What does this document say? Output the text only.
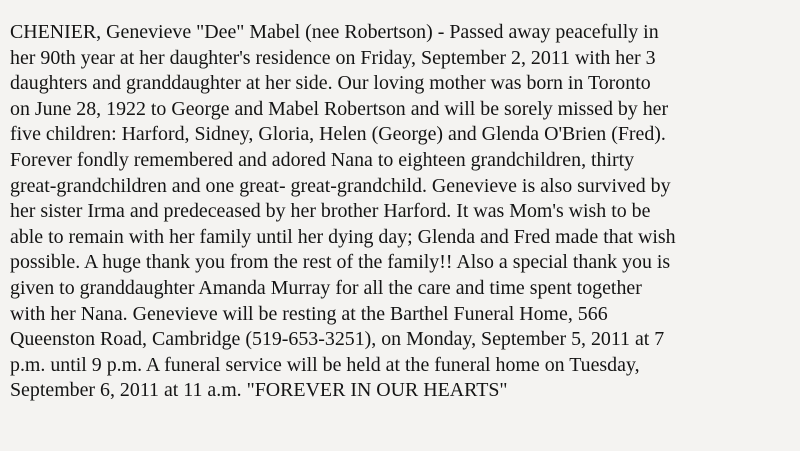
CHENIER, Genevieve "Dee" Mabel (nee Robertson) - Passed away peacefully in
her 90th year at her daughter's residence on Friday, September 2, 2011 with her 3
daughters and granddaughter at her side. Our loving mother was born in Toronto
on June 28, 1922 to George and Mabel Robertson and will be sorely missed by her
five children: Harford, Sidney, Gloria, Helen (George) and Glenda O'Brien (Fred).
Forever fondly remembered and adored Nana to eighteen grandchildren, thirty
great-grandchildren and one great- great-grandchild. Genevieve is also survived by
her sister Irma and predeceased by her brother Harford. It was Mom's wish to be
able to remain with her family until her dying day; Glenda and Fred made that wish
possible. A huge thank you from the rest of the family!! Also a special thank you is
given to granddaughter Amanda Murray for all the care and time spent together
with her Nana. Genevieve will be resting at the Barthel Funeral Home, 566
Queenston Road, Cambridge (519-653-3251), on Monday, September 5, 2011 at 7
p.m. until 9 p.m. A funeral service will be held at the funeral home on Tuesday,
September 6, 2011 at 11 a.m. "FOREVER IN OUR HEARTS"
